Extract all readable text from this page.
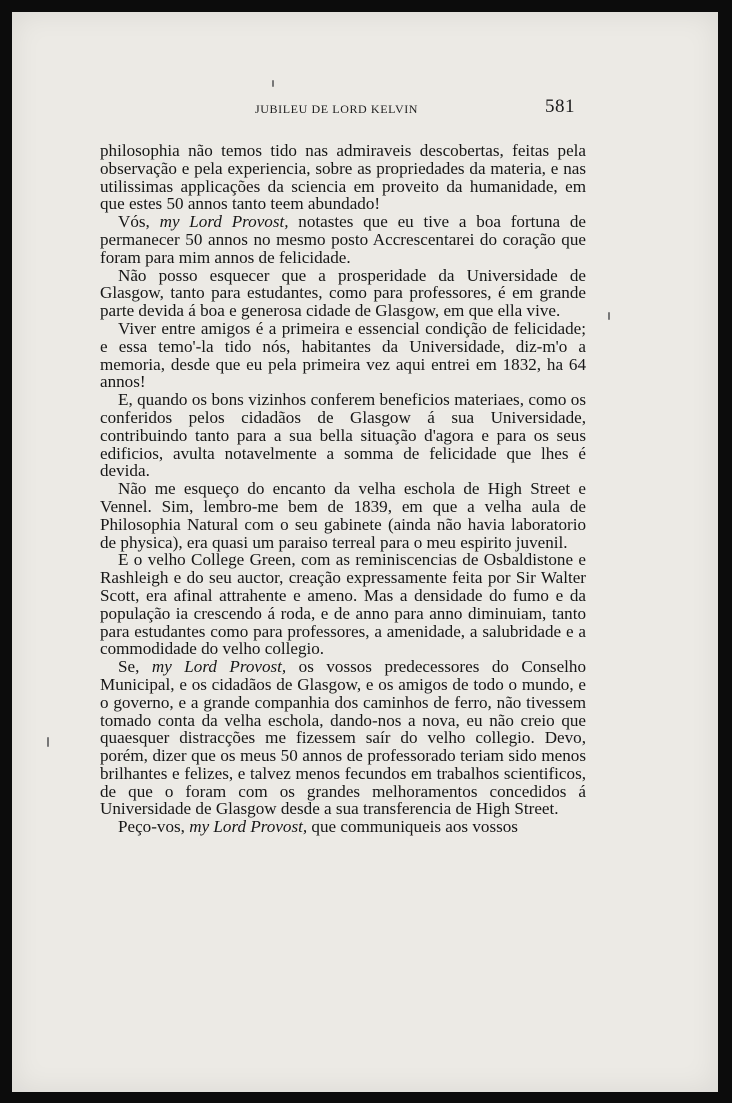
JUBILEU DE LORD KELVIN	581

philosophia não temos tido nas admiraveis descobertas, feitas pela observação e pela experiencia, sobre as propriedades da materia, e nas utilissimas applicações da sciencia em proveito da humanidade, em que estes 50 annos tanto teem abundado!

Vós, my Lord Provost, notastes que eu tive a boa fortuna de permanecer 50 annos no mesmo posto Accrescentarei do coração que foram para mim annos de felicidade.

Não posso esquecer que a prosperidade da Universidade de Glasgow, tanto para estudantes, como para professores, é em grande parte devida á boa e generosa cidade de Glasgow, em que ella vive.

Viver entre amigos é a primeira e essencial condição de felicidade; e essa temo'-la tido nós, habitantes da Universidade, diz-m'o a memoria, desde que eu pela primeira vez aqui entrei em 1832, ha 64 annos!

E, quando os bons vizinhos conferem beneficios materiaes, como os conferidos pelos cidadãos de Glasgow á sua Universidade, contribuindo tanto para a sua bella situação d'agora e para os seus edificios, avulta notavelmente a somma de felicidade que lhes é devida.

Não me esqueço do encanto da velha eschola de High Street e Vennel. Sim, lembro-me bem de 1839, em que a velha aula de Philosophia Natural com o seu gabinete (ainda não havia laboratorio de physica), era quasi um paraiso terreal para o meu espirito juvenil.

E o velho College Green, com as reminiscencias de Osbaldistone e Rashleigh e do seu auctor, creação expressamente feita por Sir Walter Scott, era afinal attrahente e ameno. Mas a densidade do fumo e da população ia crescendo á roda, e de anno para anno diminuiam, tanto para estudantes como para professores, a amenidade, a salubridade e a commodidade do velho collegio.

Se, my Lord Provost, os vossos predecessores do Conselho Municipal, e os cidadãos de Glasgow, e os amigos de todo o mundo, e o governo, e a grande companhia dos caminhos de ferro, não tivessem tomado conta da velha eschola, dando-nos a nova, eu não creio que quaesquer distracções me fizessem saír do velho collegio. Devo, porém, dizer que os meus 50 annos de professorado teriam sido menos brilhantes e felizes, e talvez menos fecundos em trabalhos scientificos, de que o foram com os grandes melhoramentos concedidos á Universidade de Glasgow desde a sua transferencia de High Street.

Peço-vos, my Lord Provost, que communiqueis aos vossos
